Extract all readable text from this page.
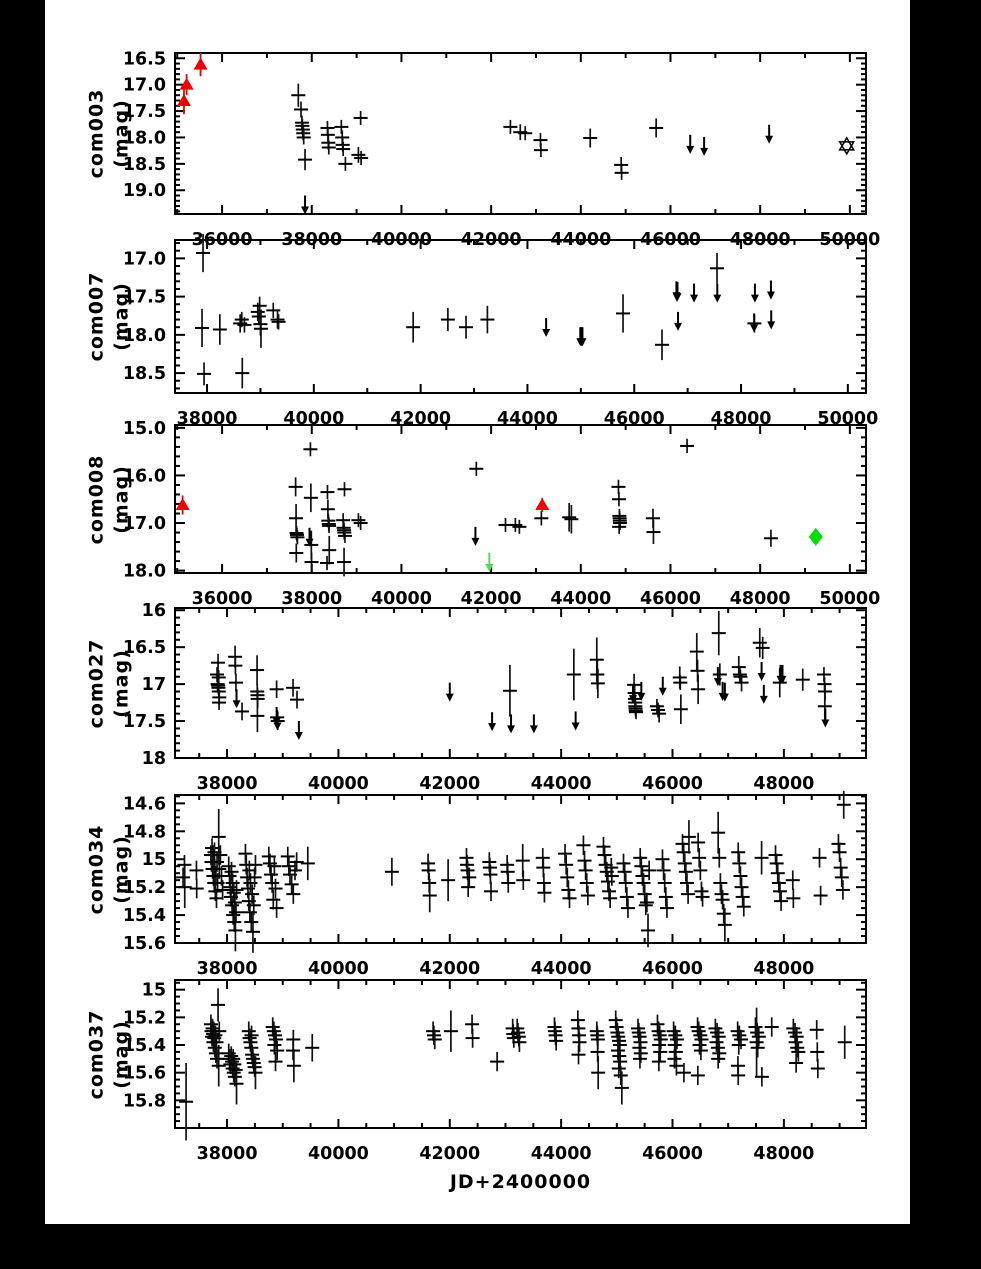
36000 38000 40000 42000 44000 46000 48000 50000
16.5
17.0
17.5
18.0
18.5
19.0
38000	40000	42000	44000	46000	48000	50000
17.0
17.5
18.0
18.5
36000 38000 40000 42000 44000 46000 48000 50000
15.0
16.0
17.0
18.0
38000	40000	42000	44000	46000	48000
16
16.5
17
17.5
18
38000	40000	42000	44000	46000	48000
14.6
14.8
15
15.2
15.4
15.6
38000	40000	42000	44000	46000	48000
15
15.2
15.4
15.6
15.8
com003 (mag)
com007 (mag)
com008 (mag)
com027 (mag)
com034 (mag)
com037 (mag)
JD+2400000
